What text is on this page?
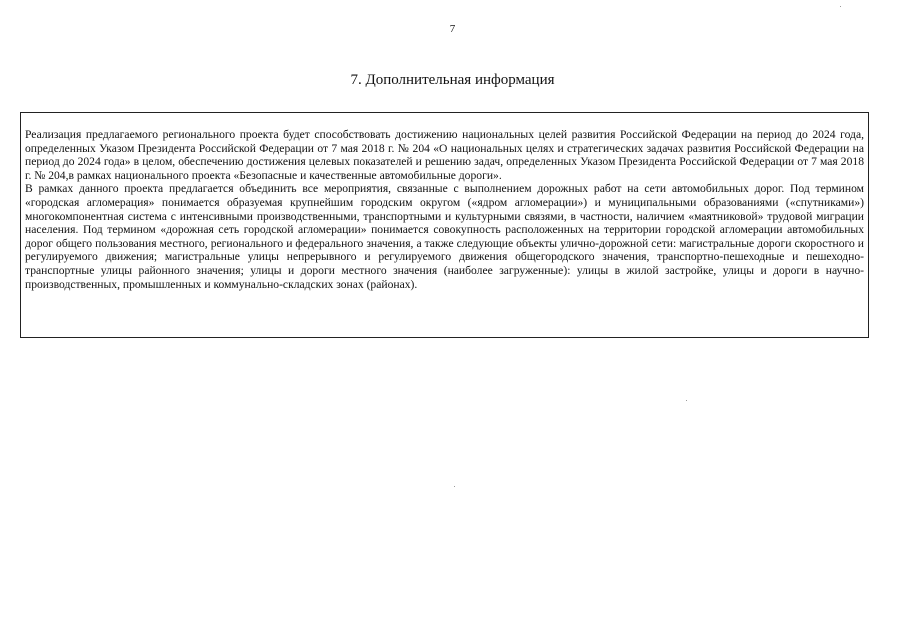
7
7. Дополнительная информация

Реализация предлагаемого регионального проекта будет способствовать достижению национальных целей развития Российской Федерации на период до 2024 года, определенных Указом Президента Российской Федерации от 7 мая 2018 г. № 204 «О национальных целях и стратегических задачах развития Российской Федерации на период до 2024 года» в целом, обеспечению достижения целевых показателей и решению задач, определенных Указом Президента Российской Федерации от 7 мая 2018 г. № 204,в рамках национального проекта «Безопасные и качественные автомобильные дороги».

В рамках данного проекта предлагается объединить все мероприятия, связанные с выполнением дорожных работ на сети автомобильных дорог. Под термином «городская агломерация» понимается образуемая крупнейшим городским округом («ядром агломерации») и муниципальными образованиями («спутниками») многокомпонентная система с интенсивными производственными, транспортными и культурными связями, в частности, наличием «маятниковой» трудовой миграции населения. Под термином «дорожная сеть городской агломерации» понимается совокупность расположенных на территории городской агломерации автомобильных дорог общего пользования местного, регионального и федерального значения, а также следующие объекты улично-дорожной сети: магистральные дороги скоростного и регулируемого движения; магистральные улицы непрерывного и регулируемого движения общегородского значения, транспортно-пешеходные и пешеходно-транспортные улицы районного значения; улицы и дороги местного значения (наиболее загруженные): улицы в жилой застройке, улицы и дороги в научно-производственных, промышленных и коммунально-складских зонах (районах).
